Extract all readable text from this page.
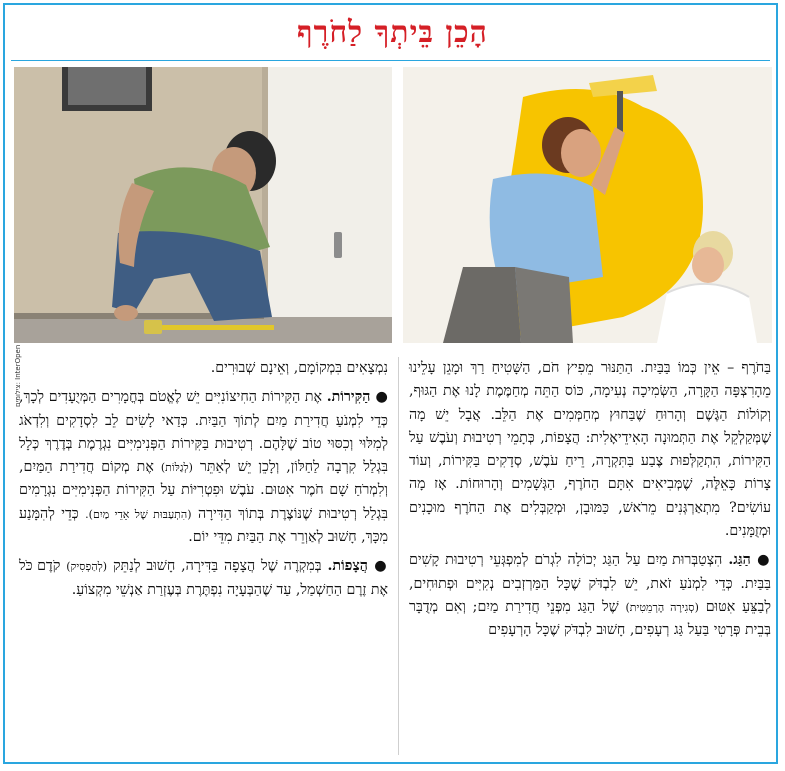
הָכֵן בֵּיתְךָ לַחֹרֶף
צילומים: InterOpen	בַּחֹרֶף – אֵין כְּמוֹ בַּבַּיִת. הַתַּנּוּר מֵפִיץ חֹם, הַשָּׁטִיחַ רַךְ וּמָגֵן עָלֵינוּ מֵהָרִצְפָּה הַקָּרָה, הַשְּׂמִיכָה נְעִימָה, כּוֹס הַתֵּה מְחַמֶּמֶת לָנוּ אֶת הַגּוּף, וְקוֹלוֹת הַגֶּשֶׁם וְהָרוּחַ שֶׁבַּחוּץ מְחַמְּמִים אֶת הַלֵּב. אֲבָל יֵשׁ מָה שֶׁמְּקַלְקֵל אֶת הַתְּמוּנָה הָאִידֵיאָלִית: הֲצָפוֹת, כְּתָמֵי רְטִיבוּת וְעֹבֶשׁ עַל הַקִּירוֹת, הִתְקַלְּפוּת צֶבַע בַּתִּקְרָה, רֵיחַ עֹבֶשׁ, סְדָקִים בַּקִּירוֹת, וְעוֹד צָרוֹת כָּאֵלֶּה, שֶׁמְּבִיאִים אִתָּם הַחֹרֶף, הַגְּשָׁמִים וְהָרוּחוֹת. אָז מָה עוֹשִׂים? מִתְאַרְגְּנִים מֵרֹאשׁ, כַּמּוּבָן, וּמְקַבְּלִים אֶת הַחֹרֶף מוּכָנִים וּמְזֻמָּנִים.

● הַגַּג. הִצְטַבְּרוּת מַיִם עַל הַגַּג יְכוֹלָה לִגְרֹם לְמִפְגְּעֵי רְטִיבוּת קָשִׁים בַּבַּיִת. כְּדֵי לִמְנֹעַ זֹאת, יֵשׁ לִבְדֹּק שֶׁכָּל הַמַּרְזְבִים נְקִיִּים וּפְתוּחִים, לְבַצֵּעַ אִטּוּם (סְגִירָה הֶרְמֵטִית) שֶׁל הַגַּג מִפְּנֵי חֲדִירַת מַיִם; וְאִם מְדֻבָּר בְּבֵית פְּרָטִי בַּעַל גַּג רְעָפִים, חָשׁוּב לִבְדֹּק שֶׁכָּל הָרְעָפִים

נִמְצָאִים בִּמְקוֹמָם, וְאֵינָם שְׁבוּרִים.

● הַקִּירוֹת. אֶת הַקִּירוֹת הַחִיצוֹנִיִּים יֵשׁ לֶאֱטֹם בְּחֳמָרִים הַמְּיֻעָדִים לְכָךְ, כְּדֵי לִמְנֹעַ חֲדִירַת מַיִם לְתוֹךְ הַבַּיִת. כְּדַאי לָשִׂים לֵב לִסְדָקִים וְלִדְאֹג לְמִלּוּי וְכִסּוּי טוֹב שֶׁלָּהֶם. רְטִיבוּת בַּקִּירוֹת הַפְּנִימִיִּים נִגְרֶמֶת בְּדֶרֶךְ כְּלָל בִּגְלַל קִרְבָה לַחַלּוֹן, וְלָכֵן יֵשׁ לְאַתֵּר (לְגַלּוֹת) אֶת מְקוֹם חֲדִירַת הַמַּיִם, וְלִמְרֹחַ שָׁם חֹמֶר אִטּוּם. עֹבֶשׁ וּפִטְרִיּוֹת עַל הַקִּירוֹת הַפְּנִימִיִּים נִגְרָמִים בִּגְלַל רְטִיבוּת שֶׁנּוֹצֶרֶת בְּתוֹךְ הַדִּירָה (הִתְעַבּוּת שֶׁל אֵדֵי מַיִם). כְּדֵי לְהִמָּנַע מִכָּךְ, חָשׁוּב לְאַוְרֵר אֶת הַבַּיִת מִדֵּי יוֹם.

● הֲצָפוֹת. בְּמִקְרֶה שֶׁל הֲצָפָה בַּדִּירָה, חָשׁוּב לְנַתֵּק (לְהַפְסִיק) קֹדֶם כֹּל אֶת זֶרֶם הַחַשְׁמַל, עַד שֶׁהַבְּעָיָה נִפְתֶּרֶת בְּעֶזְרַת אַנְשֵׁי מִקְצוֹעַ.
